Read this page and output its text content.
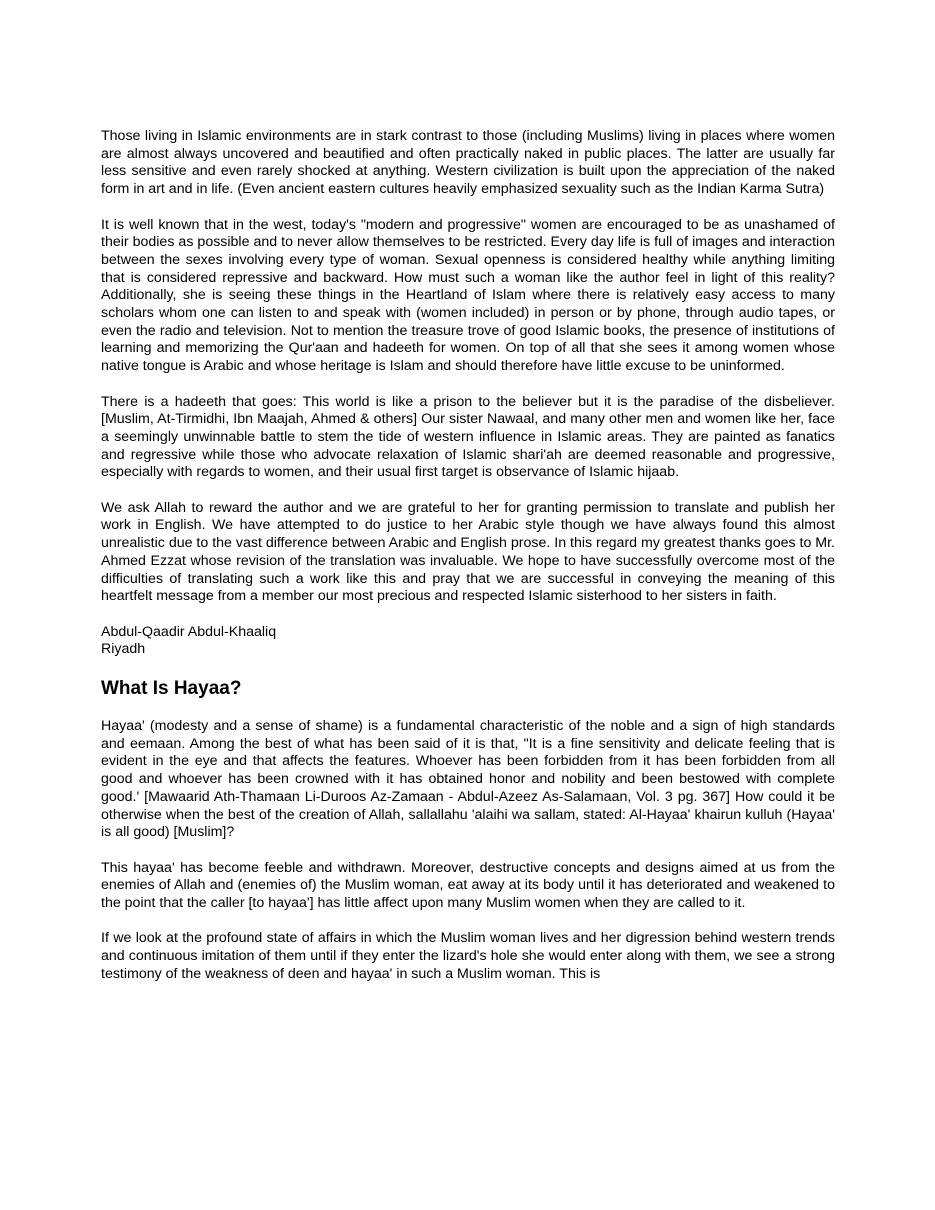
Those living in Islamic environments are in stark contrast to those (including Muslims) living in places where women are almost always uncovered and beautified and often practically naked in public places. The latter are usually far less sensitive and even rarely shocked at anything. Western civilization is built upon the appreciation of the naked form in art and in life. (Even ancient eastern cultures heavily emphasized sexuality such as the Indian Karma Sutra)

It is well known that in the west, today's "modern and progressive" women are encouraged to be as unashamed of their bodies as possible and to never allow themselves to be restricted. Every day life is full of images and interaction between the sexes involving every type of woman. Sexual openness is considered healthy while anything limiting that is considered repressive and backward. How must such a woman like the author feel in light of this reality? Additionally, she is seeing these things in the Heartland of Islam where there is relatively easy access to many scholars whom one can listen to and speak with (women included) in person or by phone, through audio tapes, or even the radio and television. Not to mention the treasure trove of good Islamic books, the presence of institutions of learning and memorizing the Qur'aan and hadeeth for women. On top of all that she sees it among women whose native tongue is Arabic and whose heritage is Islam and should therefore have little excuse to be uninformed.

There is a hadeeth that goes: This world is like a prison to the believer but it is the paradise of the disbeliever. [Muslim, At-Tirmidhi, Ibn Maajah, Ahmed & others] Our sister Nawaal, and many other men and women like her, face a seemingly unwinnable battle to stem the tide of western influence in Islamic areas. They are painted as fanatics and regressive while those who advocate relaxation of Islamic shari'ah are deemed reasonable and progressive, especially with regards to women, and their usual first target is observance of Islamic hijaab.

We ask Allah to reward the author and we are grateful to her for granting permission to translate and publish her work in English. We have attempted to do justice to her Arabic style though we have always found this almost unrealistic due to the vast difference between Arabic and English prose. In this regard my greatest thanks goes to Mr. Ahmed Ezzat whose revision of the translation was invaluable. We hope to have successfully overcome most of the difficulties of translating such a work like this and pray that we are successful in conveying the meaning of this heartfelt message from a member our most precious and respected Islamic sisterhood to her sisters in faith.

Abdul-Qaadir Abdul-Khaaliq
Riyadh
What Is Hayaa?

Hayaa' (modesty and a sense of shame) is a fundamental characteristic of the noble and a sign of high standards and eemaan. Among the best of what has been said of it is that, "It is a fine sensitivity and delicate feeling that is evident in the eye and that affects the features. Whoever has been forbidden from it has been forbidden from all good and whoever has been crowned with it has obtained honor and nobility and been bestowed with complete good.' [Mawaarid Ath-Thamaan Li-Duroos Az-Zamaan - Abdul-Azeez As-Salamaan, Vol. 3 pg. 367] How could it be otherwise when the best of the creation of Allah, sallallahu 'alaihi wa sallam, stated: Al-Hayaa' khairun kulluh (Hayaa' is all good) [Muslim]?

This hayaa' has become feeble and withdrawn. Moreover, destructive concepts and designs aimed at us from the enemies of Allah and (enemies of) the Muslim woman, eat away at its body until it has deteriorated and weakened to the point that the caller [to hayaa'] has little affect upon many Muslim women when they are called to it.

If we look at the profound state of affairs in which the Muslim woman lives and her digression behind western trends and continuous imitation of them until if they enter the lizard's hole she would enter along with them, we see a strong testimony of the weakness of deen and hayaa' in such a Muslim woman. This is
